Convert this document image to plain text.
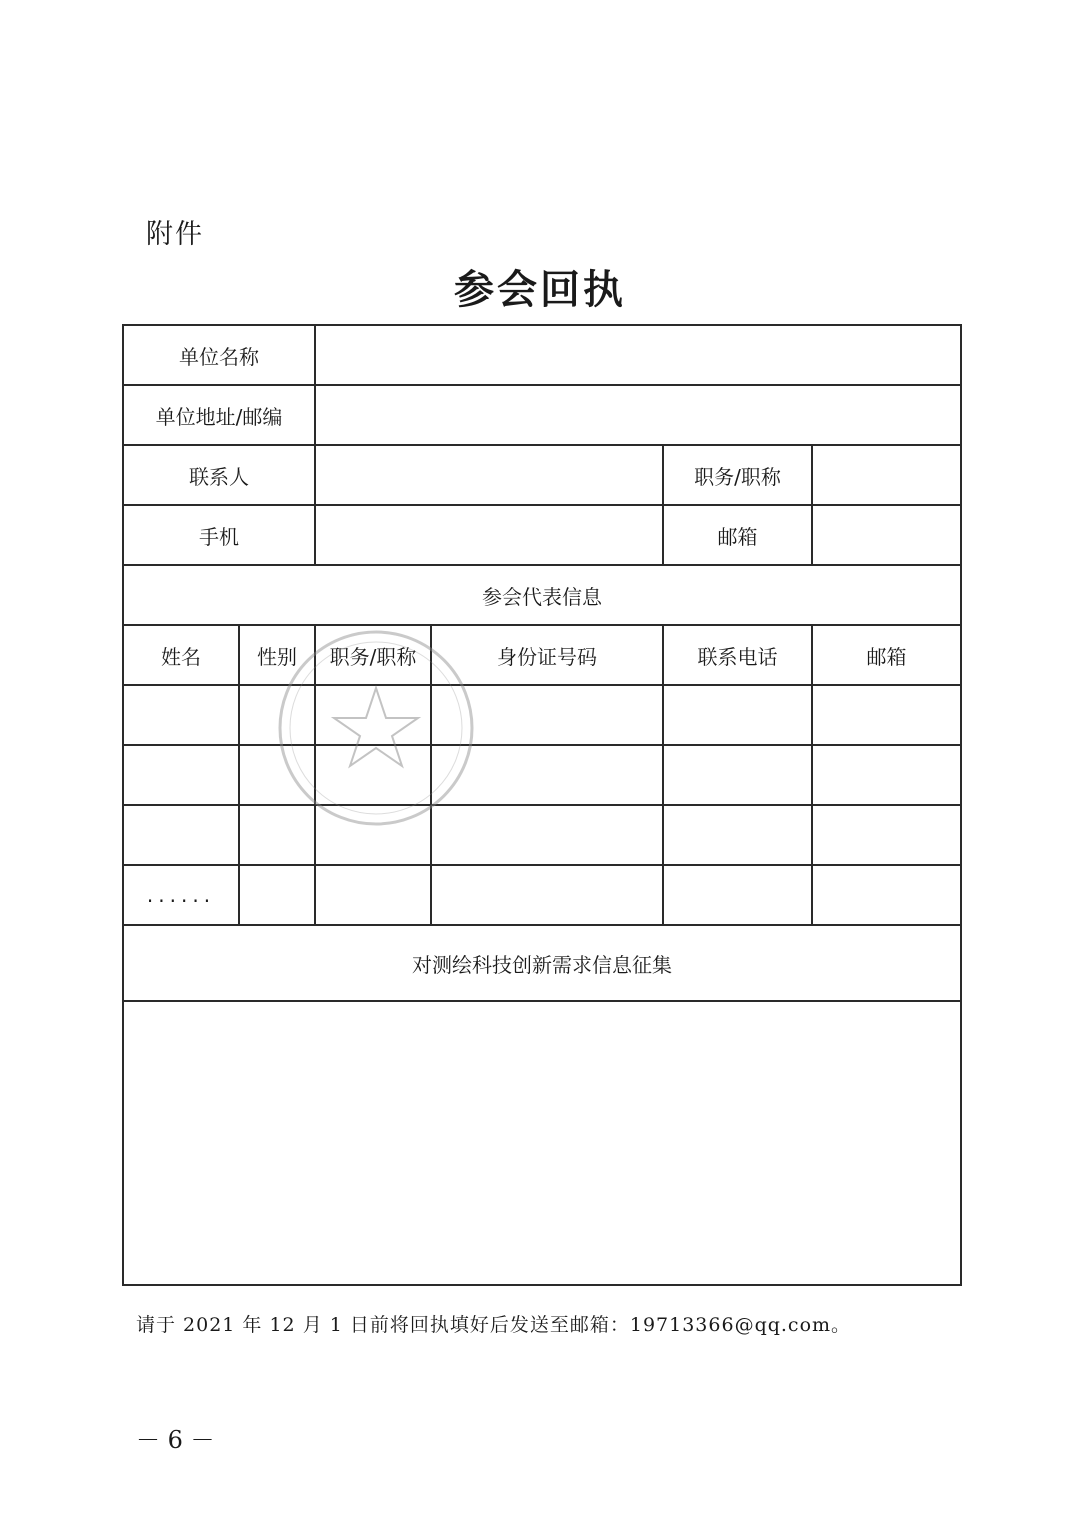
附件
参会回执
单位名称					
单位地址/邮编					
联系人				职务/职称	
手机				邮箱	
参会代表信息					
姓名	性别	职务/职称	身份证号码	联系电话	邮箱

......					
对测绘科技创新需求信息征集					

请于 2021 年 12 月 1 日前将回执填好后发送至邮箱：19713366@qq.com。
－ 6 －
